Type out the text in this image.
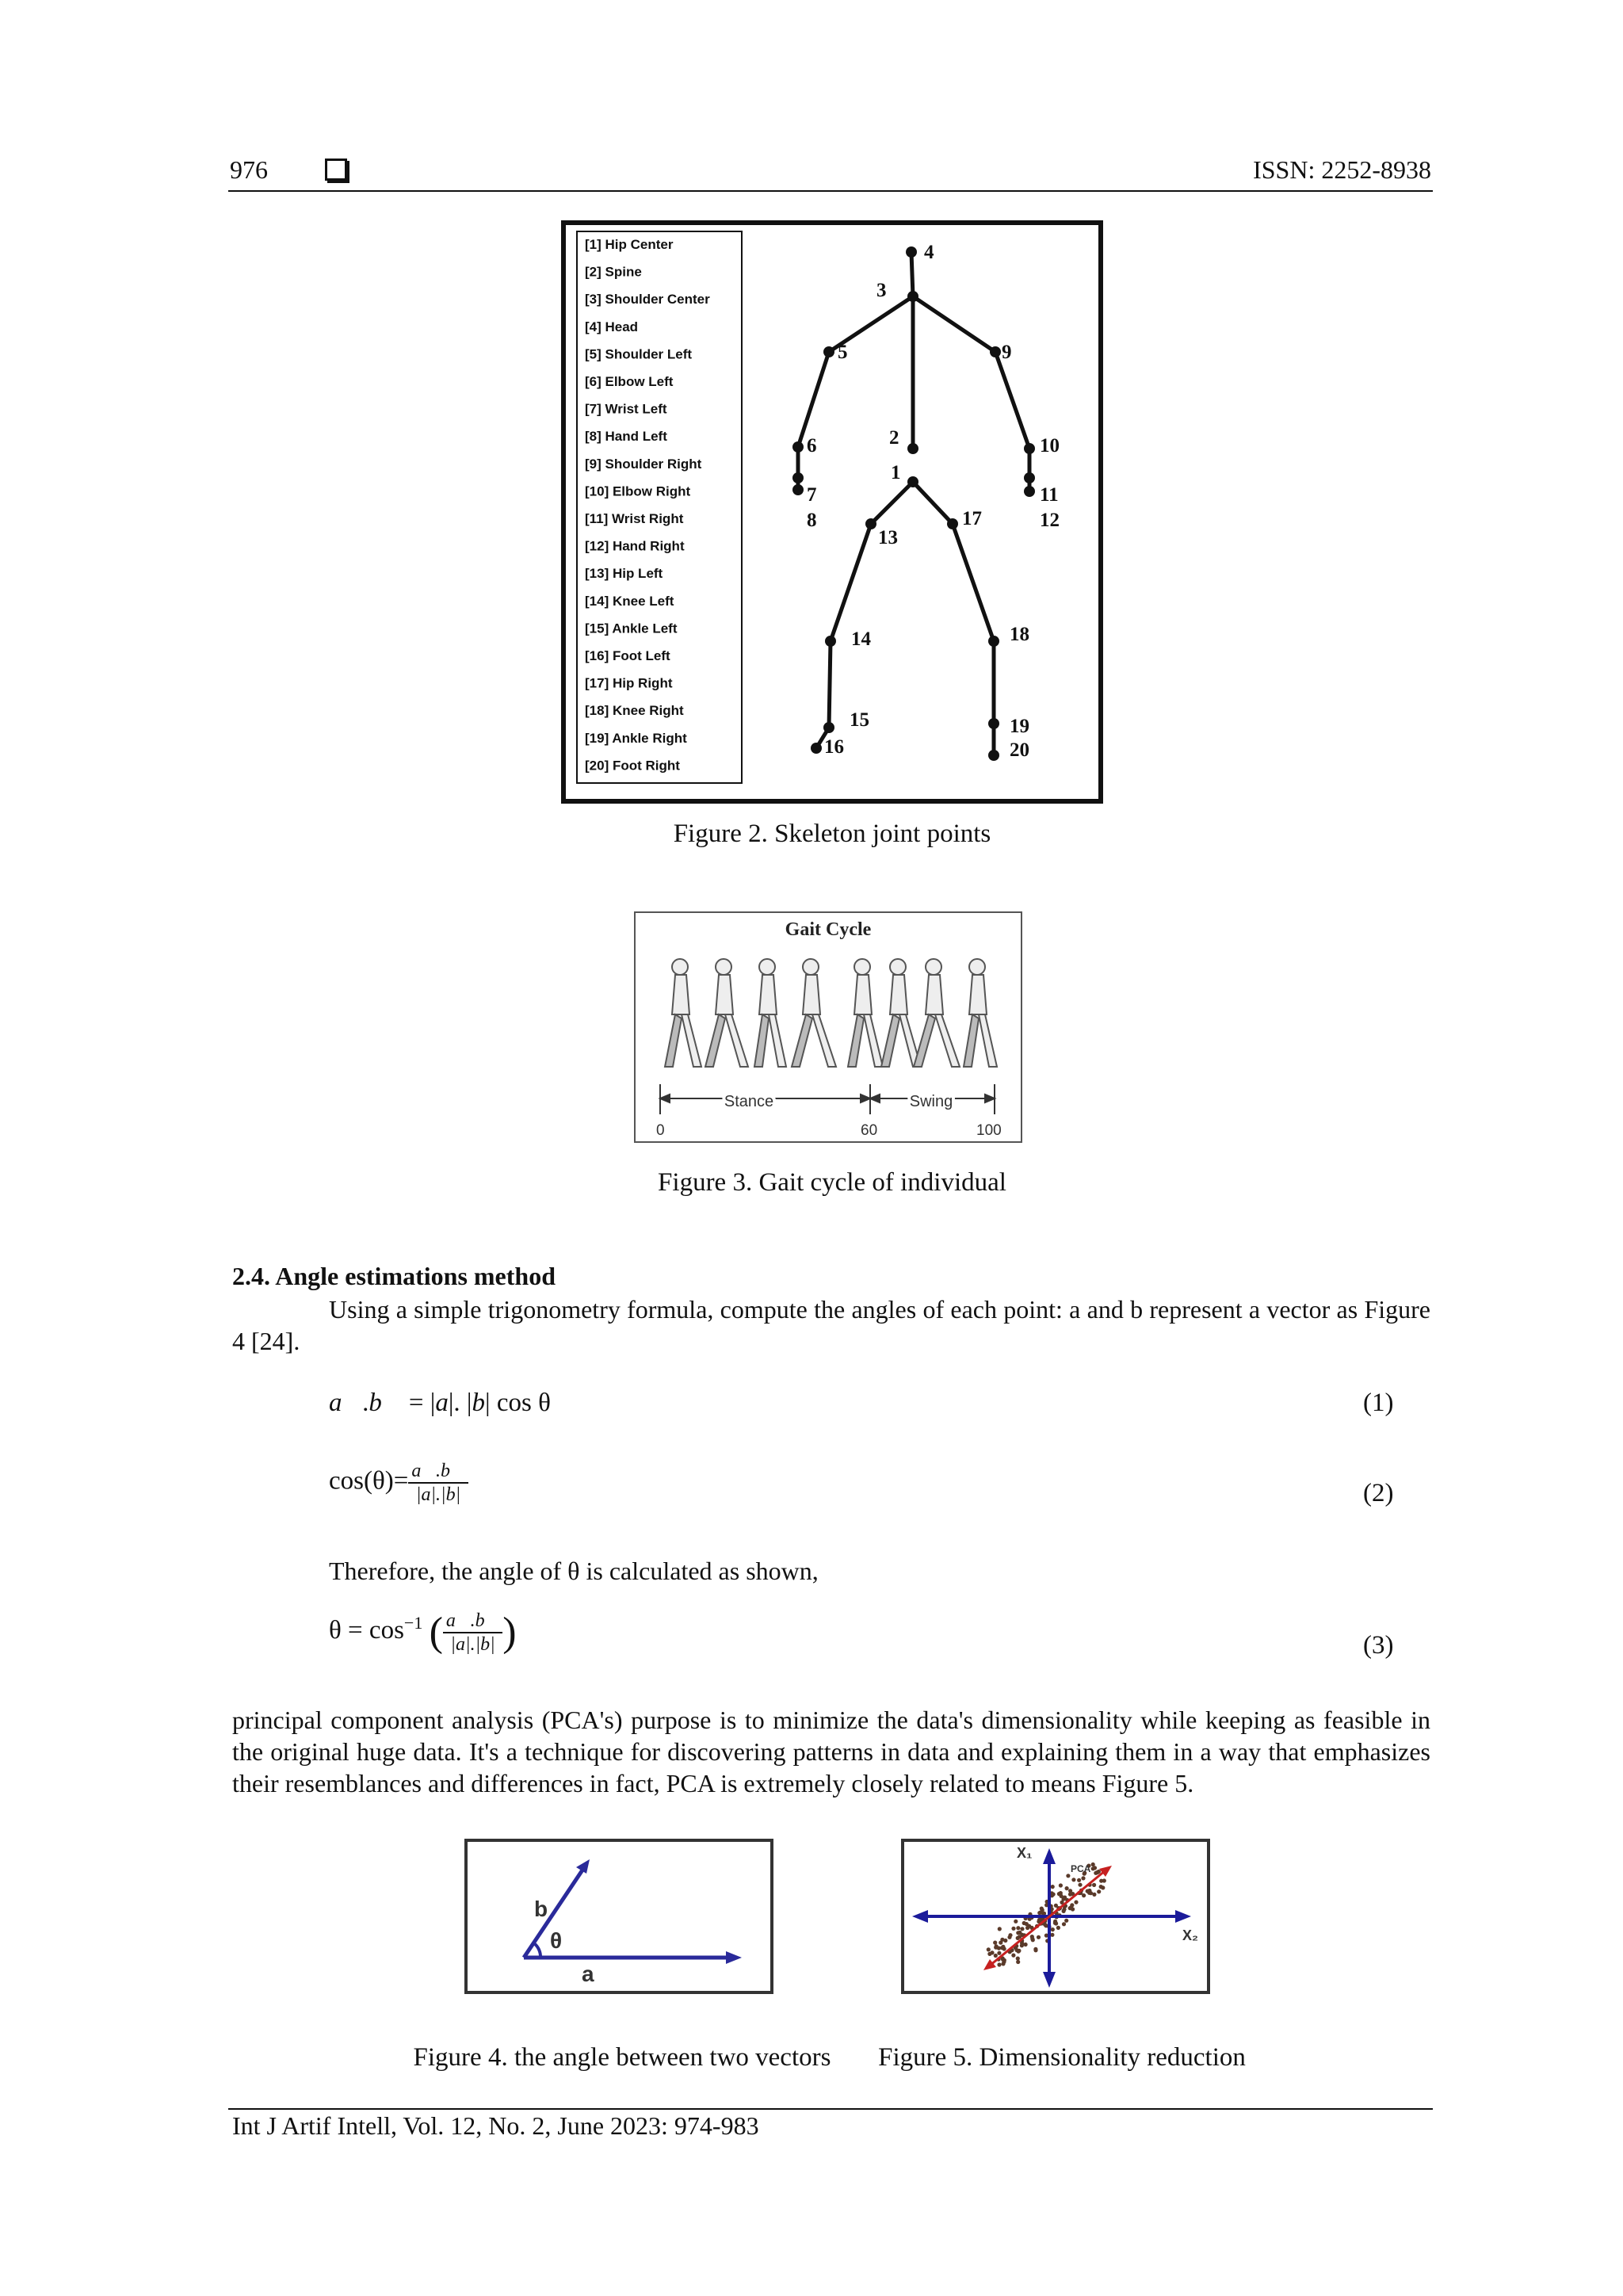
976	ISSN: 2252-8938
[1] Hip Center
[2] Spine
[3] Shoulder Center
[4] Head
[5] Shoulder Left
[6] Elbow Left
[7] Wrist Left
[8] Hand Left
[9] Shoulder Right
[10] Elbow Right
[11] Wrist Right
[12] Hand Right
[13] Hip Left
[14] Knee Left
[15] Ankle Left
[16] Foot Left
[17] Hip Right
[18] Knee Right
[19] Ankle Right
[20] Foot Right
1
2
3
4
5
6
7
8
9
10
11
12
13
14
15
16
17
18
19
20
Figure 2. Skeleton joint points
Gait Cycle
Stance	Swing
0	60	100
Figure 3. Gait cycle of individual
2.4. Angle estimations method
Using a simple trigonometry formula, compute the angles of each point: a and b represent a vector as Figure 4 [24].
a⃗.b⃗ = |a|. |b| cos θ	(1)
$\cos(\theta)= \frac{a⃗.b⃗}{|a|.|b|}$	(2)
Therefore, the angle of θ is calculated as shown,
$\theta = \cos^{-1}$ ( $\frac{a⃗.b⃗}{|a|.|b|}$ )	(3)
principal component analysis (PCA's) purpose is to minimize the data's dimensionality while keeping as feasible in the original huge data. It's a technique for discovering patterns in data and explaining them in a way that emphasizes their resemblances and differences in fact, PCA is extremely closely related to means Figure 5.
b
θ
a
X₁
X₂
PCA
Figure 4. the angle between two vectors	Figure 5. Dimensionality reduction
Int J Artif Intell, Vol. 12, No. 2, June 2023: 974-983
